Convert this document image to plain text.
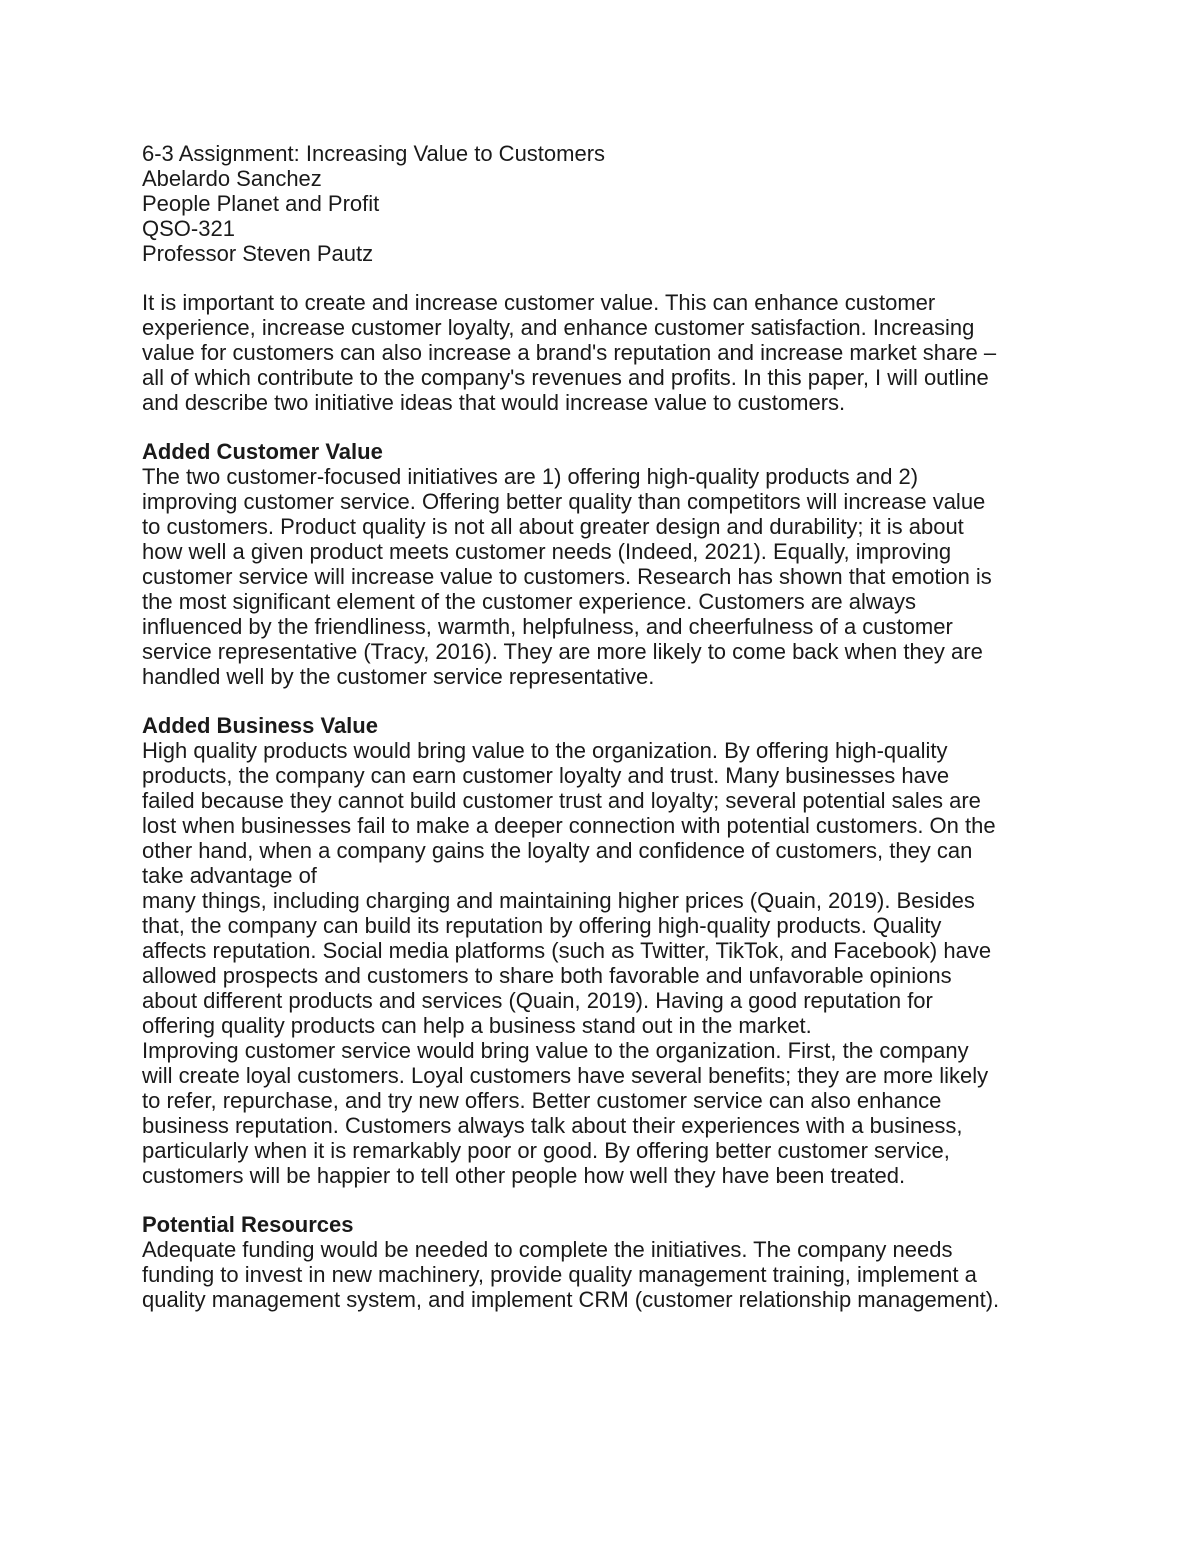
6-3 Assignment: Increasing Value to Customers
Abelardo Sanchez
People Planet and Profit
QSO-321
Professor Steven Pautz
It is important to create and increase customer value. This can enhance customer
experience, increase customer loyalty, and enhance customer satisfaction. Increasing
value for customers can also increase a brand's reputation and increase market share –
all of which contribute to the company's revenues and profits. In this paper, I will outline
and describe two initiative ideas that would increase value to customers.
Added Customer Value
The two customer-focused initiatives are 1) offering high-quality products and 2)
improving customer service. Offering better quality than competitors will increase value
to customers. Product quality is not all about greater design and durability; it is about
how well a given product meets customer needs (Indeed, 2021). Equally, improving
customer service will increase value to customers. Research has shown that emotion is
the most significant element of the customer experience. Customers are always
influenced by the friendliness, warmth, helpfulness, and cheerfulness of a customer
service representative (Tracy, 2016). They are more likely to come back when they are
handled well by the customer service representative.
Added Business Value
High quality products would bring value to the organization. By offering high-quality
products, the company can earn customer loyalty and trust. Many businesses have
failed because they cannot build customer trust and loyalty; several potential sales are
lost when businesses fail to make a deeper connection with potential customers. On the
other hand, when a company gains the loyalty and confidence of customers, they can
take advantage of
many things, including charging and maintaining higher prices (Quain, 2019). Besides
that, the company can build its reputation by offering high-quality products. Quality
affects reputation. Social media platforms (such as Twitter, TikTok, and Facebook) have
allowed prospects and customers to share both favorable and unfavorable opinions
about different products and services (Quain, 2019). Having a good reputation for
offering quality products can help a business stand out in the market.
Improving customer service would bring value to the organization. First, the company
will create loyal customers. Loyal customers have several benefits; they are more likely
to refer, repurchase, and try new offers. Better customer service can also enhance
business reputation. Customers always talk about their experiences with a business,
particularly when it is remarkably poor or good. By offering better customer service,
customers will be happier to tell other people how well they have been treated.
Potential Resources
Adequate funding would be needed to complete the initiatives. The company needs
funding to invest in new machinery, provide quality management training, implement a
quality management system, and implement CRM (customer relationship management).
